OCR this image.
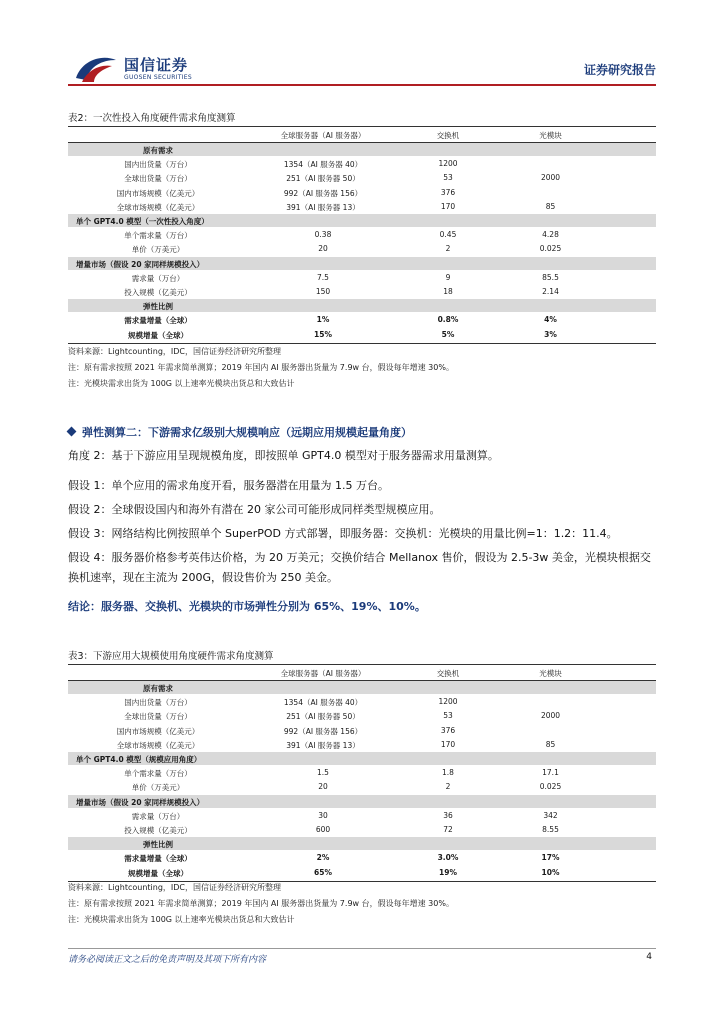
国信证券
GUOSEN SECURITIES
证券研究报告
表2：一次性投入角度硬件需求角度测算
全球服务器（AI 服务器）	交换机	光模块
原有需求
国内出货量（万台）	1354（AI 服务器 40）	1200
全球出货量（万台）	251（AI 服务器 50）	53	2000
国内市场规模（亿美元）	992（AI 服务器 156）	376
全球市场规模（亿美元）	391（AI 服务器 13）	170	85
单个 GPT4.0 模型（一次性投入角度）
单个需求量（万台）	0.38	0.45	4.28
单价（万美元）	20	2	0.025
增量市场（假设 20 家同样规模投入）
需求量（万台）	7.5	9	85.5
投入规模（亿美元）	150	18	2.14
弹性比例
需求量增量（全球）	1%	0.8%	4%
规模增量（全球）	15%	5%	3%
资料来源：Lightcounting，IDC，国信证券经济研究所整理
注：原有需求按照 2021 年需求简单测算；2019 年国内 AI 服务器出货量为 7.9w 台，假设每年增速 30%。
注：光模块需求出货为 100G 以上速率光模块出货总和大致估计
弹性测算二：下游需求亿级别大规模响应（远期应用规模起量角度）
角度 2：基于下游应用呈现规模角度，即按照单 GPT4.0 模型对于服务器需求用量测算。
假设 1：单个应用的需求角度开看，服务器潜在用量为 1.5 万台。
假设 2：全球假设国内和海外有潜在 20 家公司可能形成同样类型规模应用。
假设 3：网络结构比例按照单个 SuperPOD 方式部署，即服务器：交换机：光模块的用量比例=1：1.2：11.4。
假设 4：服务器价格参考英伟达价格，为 20 万美元；交换价结合 Mellanox 售价，假设为 2.5-3w 美金，光模块根据交换机速率，现在主流为 200G，假设售价为 250 美金。
结论：服务器、交换机、光模块的市场弹性分别为 65%、19%、10%。
表3：下游应用大规模使用角度硬件需求角度测算
全球服务器（AI 服务器）	交换机	光模块
原有需求
国内出货量（万台）	1354（AI 服务器 40）	1200
全球出货量（万台）	251（AI 服务器 50）	53	2000
国内市场规模（亿美元）	992（AI 服务器 156）	376
全球市场规模（亿美元）	391（AI 服务器 13）	170	85
单个 GPT4.0 模型（规模应用角度）
单个需求量（万台）	1.5	1.8	17.1
单价（万美元）	20	2	0.025
增量市场（假设 20 家同样规模投入）
需求量（万台）	30	36	342
投入规模（亿美元）	600	72	8.55
弹性比例
需求量增量（全球）	2%	3.0%	17%
规模增量（全球）	65%	19%	10%
资料来源：Lightcounting，IDC，国信证券经济研究所整理
注：原有需求按照 2021 年需求简单测算；2019 年国内 AI 服务器出货量为 7.9w 台，假设每年增速 30%。
注：光模块需求出货为 100G 以上速率光模块出货总和大致估计
请务必阅读正文之后的免责声明及其项下所有内容	4
